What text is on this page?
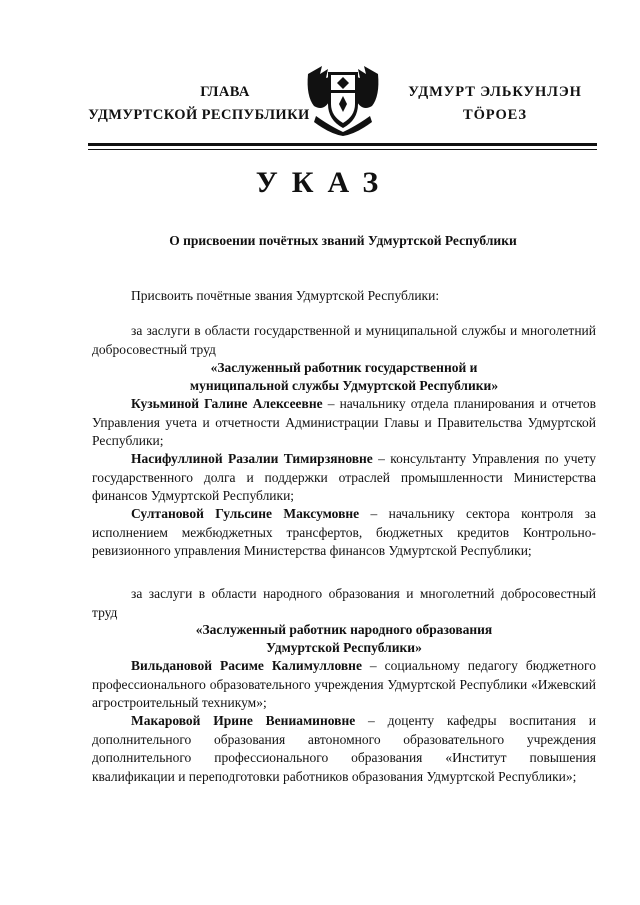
ГЛАВА
УДМУРТСКОЙ РЕСПУБЛИКИ
УДМУРТ ЭЛЬКУНЛЭН
ТӦРОЕЗ
УКАЗ
О присвоении почётных званий Удмуртской Республики
Присвоить почётные звания Удмуртской Республики:
за заслуги в области государственной и муниципальной службы и многолетний добросовестный труд
«Заслуженный работник государственной и
муниципальной службы Удмуртской Республики»
Кузьминой Галине Алексеевне – начальнику отдела планирования и отчетов Управления учета и отчетности Администрации Главы и Правительства Удмуртской Республики;
Насифуллиной Разалии Тимирзяновне – консультанту Управления по учету государственного долга и поддержки отраслей промышленности Министерства финансов Удмуртской Республики;
Султановой Гульсине Максумовне – начальнику сектора контроля за исполнением межбюджетных трансфертов, бюджетных кредитов Контрольно-ревизионного управления Министерства финансов Удмуртской Республики;
за заслуги в области народного образования и многолетний добросовестный труд
«Заслуженный работник народного образования
Удмуртской Республики»
Вильдановой Расиме Калимулловне – социальному педагогу бюджетного профессионального образовательного учреждения Удмуртской Республики «Ижевский агростроительный техникум»;
Макаровой Ирине Вениаминовне – доценту кафедры воспитания и дополнительного образования автономного образовательного учреждения дополнительного профессионального образования «Институт повышения квалификации и переподготовки работников образования Удмуртской Республики»;
